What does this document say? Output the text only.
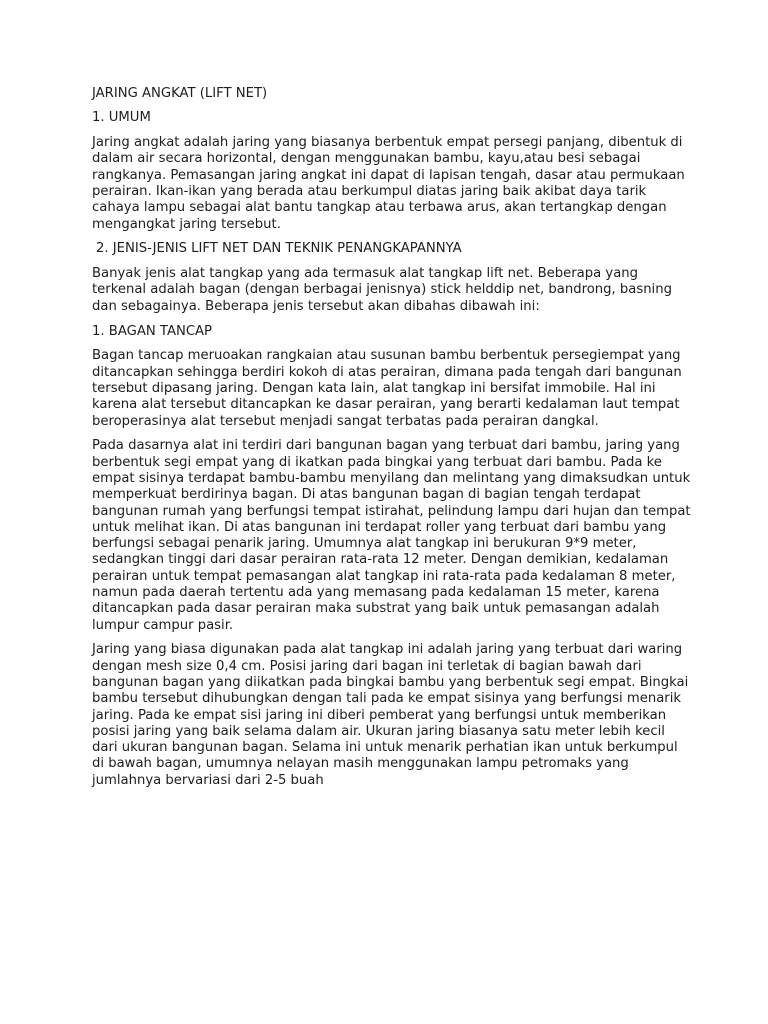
JARING ANGKAT (LIFT NET)

1. UMUM

Jaring angkat adalah jaring yang biasanya berbentuk empat persegi panjang, dibentuk di dalam air secara horizontal, dengan menggunakan bambu, kayu,atau besi sebagai rangkanya. Pemasangan jaring angkat ini dapat di lapisan tengah, dasar atau permukaan perairan. Ikan-ikan yang berada atau berkumpul diatas jaring baik akibat daya tarik cahaya lampu sebagai alat bantu tangkap atau terbawa arus, akan tertangkap dengan mengangkat jaring tersebut.

2. JENIS-JENIS LIFT NET DAN TEKNIK PENANGKAPANNYA

Banyak jenis alat tangkap yang ada termasuk alat tangkap lift net. Beberapa yang terkenal adalah bagan (dengan berbagai jenisnya) stick helddip net, bandrong, basning dan sebagainya. Beberapa jenis tersebut akan dibahas dibawah ini:

1. BAGAN TANCAP

Bagan tancap meruoakan rangkaian atau susunan bambu berbentuk persegiempat yang ditancapkan sehingga berdiri kokoh di atas perairan, dimana pada tengah dari bangunan tersebut dipasang jaring. Dengan kata lain, alat tangkap ini bersifat immobile. Hal ini karena alat tersebut ditancapkan ke dasar perairan, yang berarti kedalaman laut tempat beroperasinya alat tersebut menjadi sangat terbatas pada perairan dangkal.

Pada dasarnya alat ini terdiri dari bangunan bagan yang terbuat dari bambu, jaring yang berbentuk segi empat yang di ikatkan pada bingkai yang terbuat dari bambu. Pada ke empat sisinya terdapat bambu-bambu menyilang dan melintang yang dimaksudkan untuk memperkuat berdirinya bagan. Di atas bangunan bagan di bagian tengah terdapat bangunan rumah yang berfungsi tempat istirahat, pelindung lampu dari hujan dan tempat untuk melihat ikan. Di atas bangunan ini terdapat roller yang terbuat dari bambu yang berfungsi sebagai penarik jaring. Umumnya alat tangkap ini berukuran 9*9 meter, sedangkan tinggi dari dasar perairan rata-rata 12 meter. Dengan demikian, kedalaman perairan untuk tempat pemasangan alat tangkap ini rata-rata pada kedalaman 8 meter, namun pada daerah tertentu ada yang memasang pada kedalaman 15 meter, karena ditancapkan pada dasar perairan maka substrat yang baik untuk pemasangan adalah lumpur campur pasir.

Jaring yang biasa digunakan pada alat tangkap ini adalah jaring yang terbuat dari waring dengan mesh size 0,4 cm. Posisi jaring dari bagan ini terletak di bagian bawah dari bangunan bagan yang diikatkan pada bingkai bambu yang berbentuk segi empat. Bingkai bambu tersebut dihubungkan dengan tali pada ke empat sisinya yang berfungsi menarik jaring. Pada ke empat sisi jaring ini diberi pemberat yang berfungsi untuk memberikan posisi jaring yang baik selama dalam air. Ukuran jaring biasanya satu meter lebih kecil dari ukuran bangunan bagan. Selama ini untuk menarik perhatian ikan untuk berkumpul di bawah bagan, umumnya nelayan masih menggunakan lampu petromaks yang jumlahnya bervariasi dari 2-5 buah
